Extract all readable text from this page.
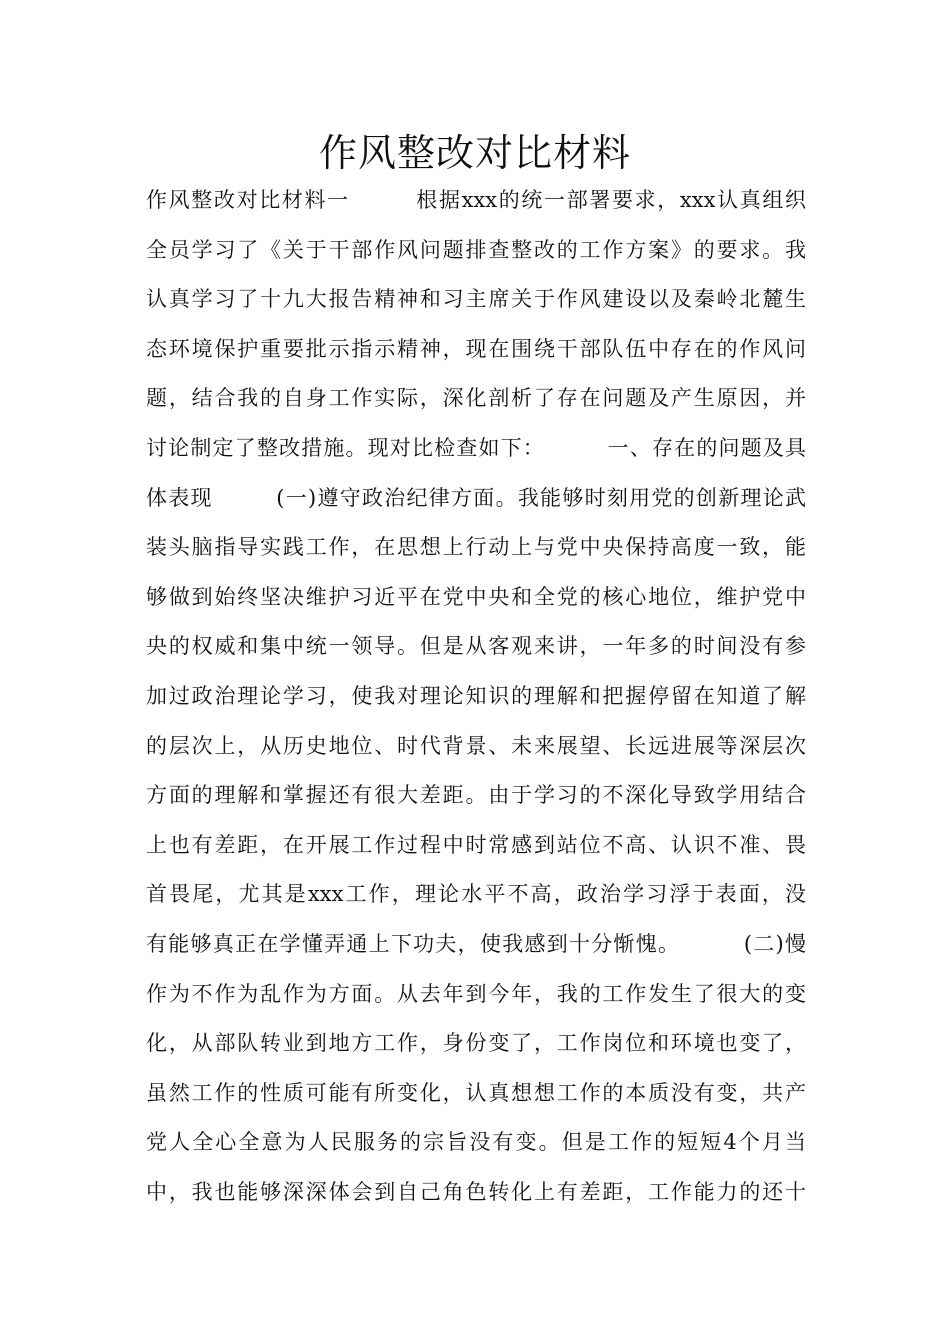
作风整改对比材料
作风整改对比材料一        根据xxx的统一部署要求，xxx认真组织
全员学习了《关于干部作风问题排查整改的工作方案》的要求。我
认真学习了十九大报告精神和习主席关于作风建设以及秦岭北麓生
态环境保护重要批示指示精神，现在围绕干部队伍中存在的作风问
题，结合我的自身工作实际，深化剖析了存在问题及产生原因，并
讨论制定了整改措施。现对比检查如下：        一、存在的问题及具
体表现        (一)遵守政治纪律方面。我能够时刻用党的创新理论武
装头脑指导实践工作，在思想上行动上与党中央保持高度一致，能
够做到始终坚决维护习近平在党中央和全党的核心地位，维护党中
央的权威和集中统一领导。但是从客观来讲，一年多的时间没有参
加过政治理论学习，使我对理论知识的理解和把握停留在知道了解
的层次上，从历史地位、时代背景、未来展望、长远进展等深层次
方面的理解和掌握还有很大差距。由于学习的不深化导致学用结合
上也有差距，在开展工作过程中时常感到站位不高、认识不准、畏
首畏尾，尤其是xxx工作，理论水平不高，政治学习浮于表面，没
有能够真正在学懂弄通上下功夫，使我感到十分惭愧。        (二)慢
作为不作为乱作为方面。从去年到今年，我的工作发生了很大的变
化，从部队转业到地方工作，身份变了，工作岗位和环境也变了，
虽然工作的性质可能有所变化，认真想想工作的本质没有变，共产
党人全心全意为人民服务的宗旨没有变。但是工作的短短4个月当
中，我也能够深深体会到自己角色转化上有差距，工作能力的还十
